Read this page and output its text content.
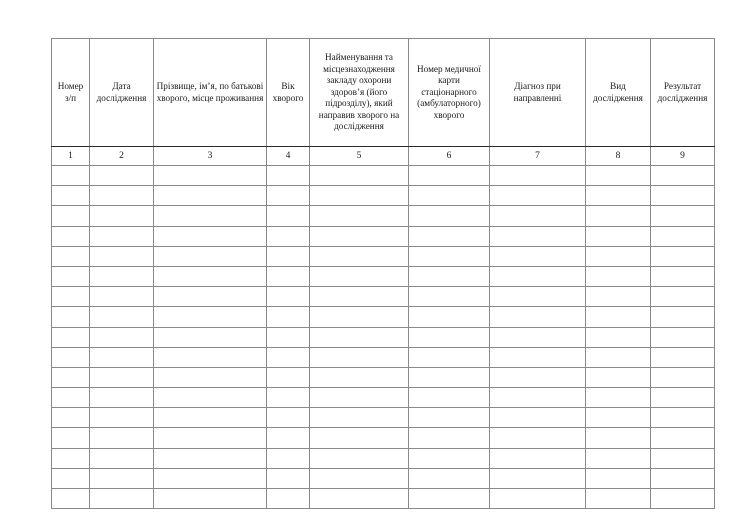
Номер з/п	Дата дослідження	Прізвище, ім’я, по батькові хворого, місце проживання	Вік хворого	Найменування та місцезнаходження закладу охорони здоров’я (його підрозділу), який направив хворого на дослідження	Номер медичної карти стаціонарного (амбулаторного) хворого	Діагноз при направленні	Вид дослідження	Результат дослідження
1	2	3	4	5	6	7	8	9
